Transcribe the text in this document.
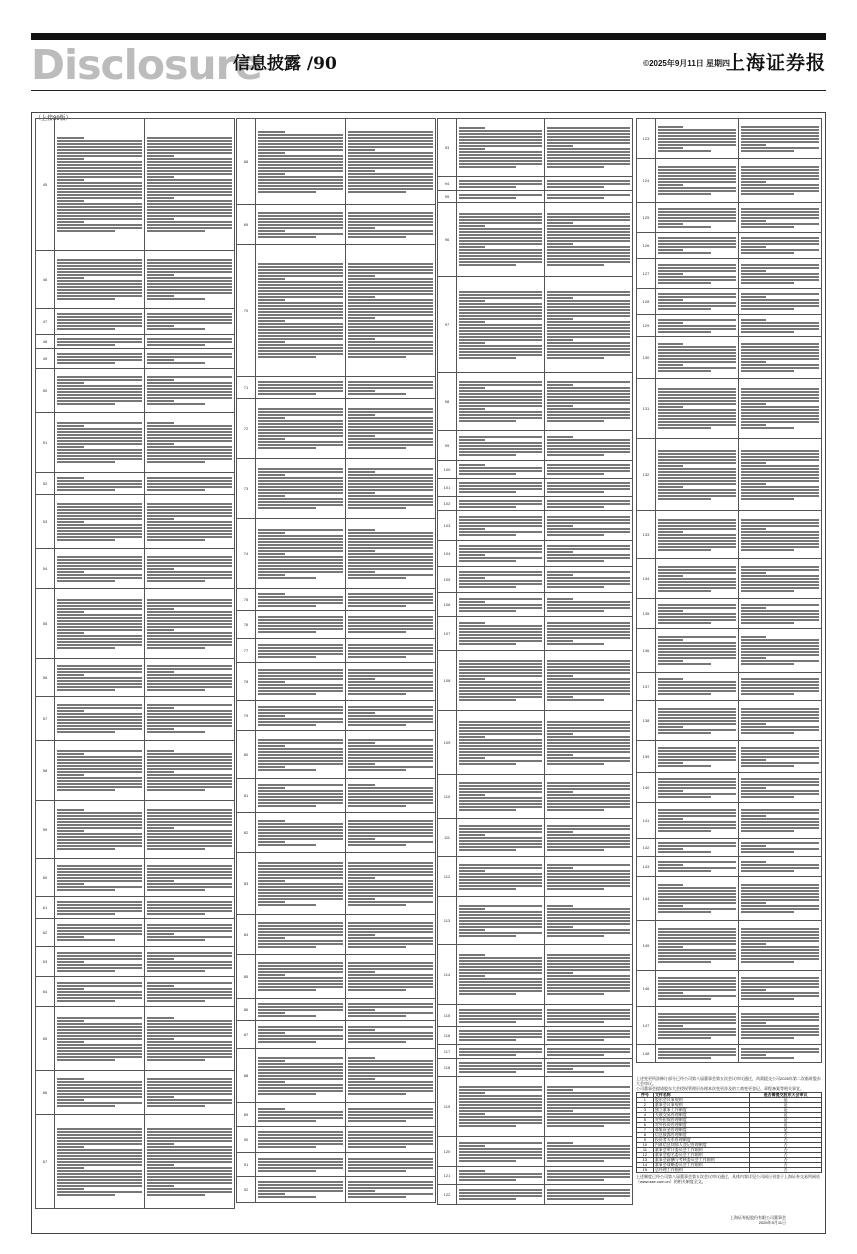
Disclosure
信息披露 /90	©2025年9月11日 星期四
上海证券报
（上接89版）
45	

46	

47	

48	

49	

50	

51	

52	

53	

54	

55	

56	

57	

58	

59	

60	

61	

62	

63	

64	

65	

66	

67	

68	

69	

70	

71	

72	

73	

74	

75	

76	

77	

78	

79	

80	

81	

82	

83	

84	

85	

86	

87	

88	

89	

90	

91	

92	

93	

94	

95	

96	

97	

98	

99	

100	

101	

102	

103	

104	

105	

106	

107	

108	

109	

110	

111	

112	

113	

114	

115	

116	

117	

118	

119	

120	

121	

122	

123	

124	

125	

126	

127	

128	

129	

130	

131	

132	

133	

134	

135	

136	

137	

138	

139	

140	

141	

142	

143	

144	

145	

146	

147	

148	

上述变更所涉修订部分已经公司第八届董事会第五次会议审议通过，尚需提交公司2025年第二次临时股东大会审议。
公司董事会提请股东大会授权管理层办理本次变更涉及的工商变更登记、章程备案等相关事宜。
序号	文件名称	是否需提交股东大会审议
1	股东会议事规则	是
2	董事会议事规则	是
3	独立董事工作制度	是
4	关联交易管理制度	是
5	对外担保管理制度	是
6	对外投资管理制度	是
7	募集资金管理制度	是
8	信息披露管理制度	否
9	投资者关系管理制度	否
10	内幕信息知情人登记管理制度	否
11	董事会审计委员会工作细则	否
12	董事会提名委员会工作细则	否
13	董事会薪酬与考核委员会工作细则	否
14	董事会战略委员会工作细则	否
15	总经理工作细则	否
上述制度已经公司第八届董事会第五次会议审议通过，具体内容详见公司同日刊登于上海证券交易所网站（www.sse.com.cn）的相关制度全文。
上海证券报股份有限公司董事会
2025年9月11日
